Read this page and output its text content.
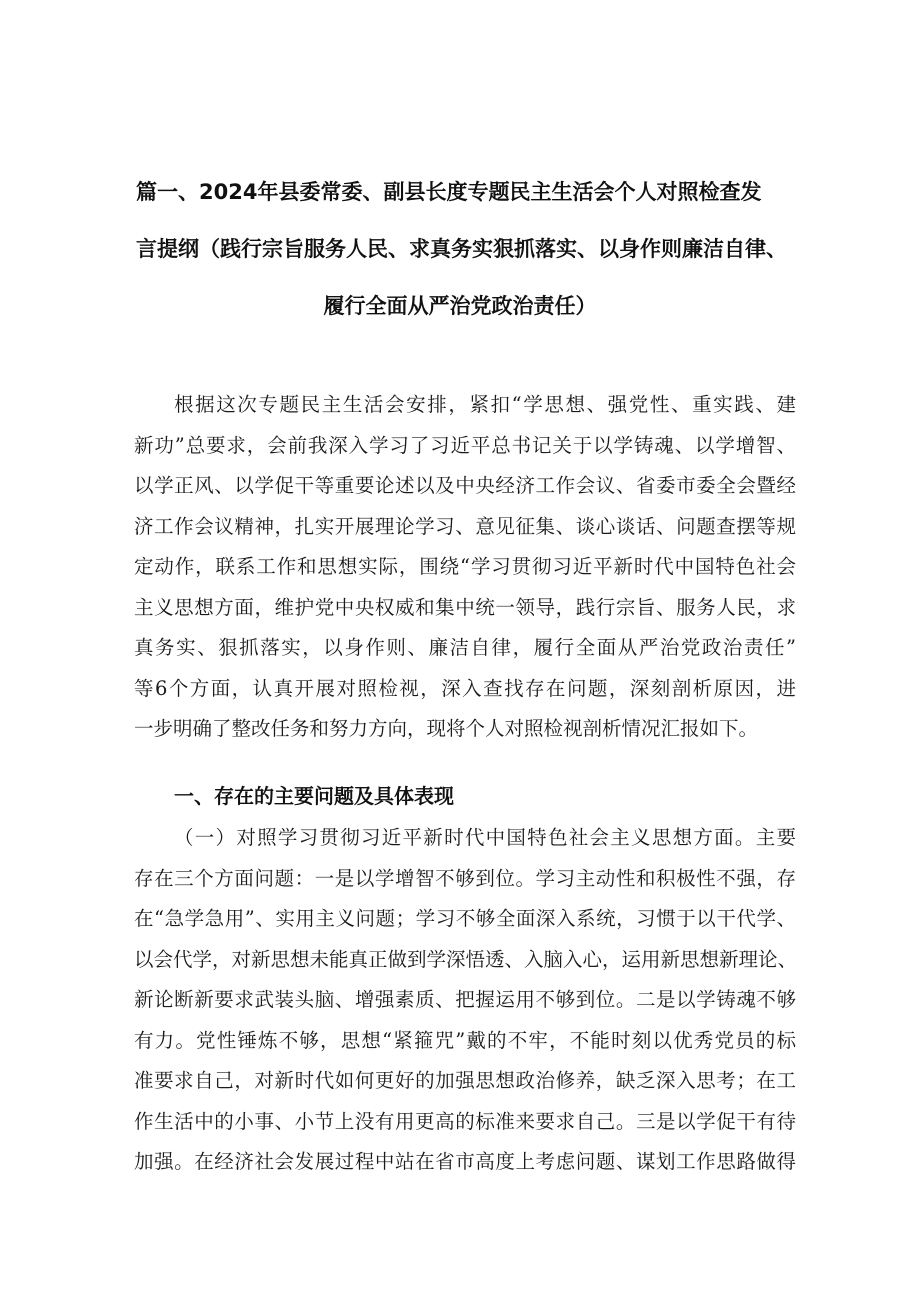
篇一、2024年县委常委、副县长度专题民主生活会个人对照检查发
言提纲（践行宗旨服务人民、求真务实狠抓落实、以身作则廉洁自律、
履行全面从严治党政治责任）
根据这次专题民主生活会安排，紧扣“学思想、强党性、重实践、建
新功”总要求，会前我深入学习了习近平总书记关于以学铸魂、以学增智、
以学正风、以学促干等重要论述以及中央经济工作会议、省委市委全会暨经
济工作会议精神，扎实开展理论学习、意见征集、谈心谈话、问题查摆等规
定动作，联系工作和思想实际，围绕“学习贯彻习近平新时代中国特色社会
主义思想方面，维护党中央权威和集中统一领导，践行宗旨、服务人民，求
真务实、狠抓落实，以身作则、廉洁自律，履行全面从严治党政治责任”
等6个方面，认真开展对照检视，深入查找存在问题，深刻剖析原因，进
一步明确了整改任务和努力方向，现将个人对照检视剖析情况汇报如下。
一、存在的主要问题及具体表现
（一）对照学习贯彻习近平新时代中国特色社会主义思想方面。主要
存在三个方面问题：一是以学增智不够到位。学习主动性和积极性不强，存
在“急学急用”、实用主义问题；学习不够全面深入系统，习惯于以干代学、
以会代学，对新思想未能真正做到学深悟透、入脑入心，运用新思想新理论、
新论断新要求武装头脑、增强素质、把握运用不够到位。二是以学铸魂不够
有力。党性锤炼不够，思想“紧箍咒”戴的不牢，不能时刻以优秀党员的标
准要求自己，对新时代如何更好的加强思想政治修养，缺乏深入思考；在工
作生活中的小事、小节上没有用更高的标准来要求自己。三是以学促干有待
加强。在经济社会发展过程中站在省市高度上考虑问题、谋划工作思路做得
